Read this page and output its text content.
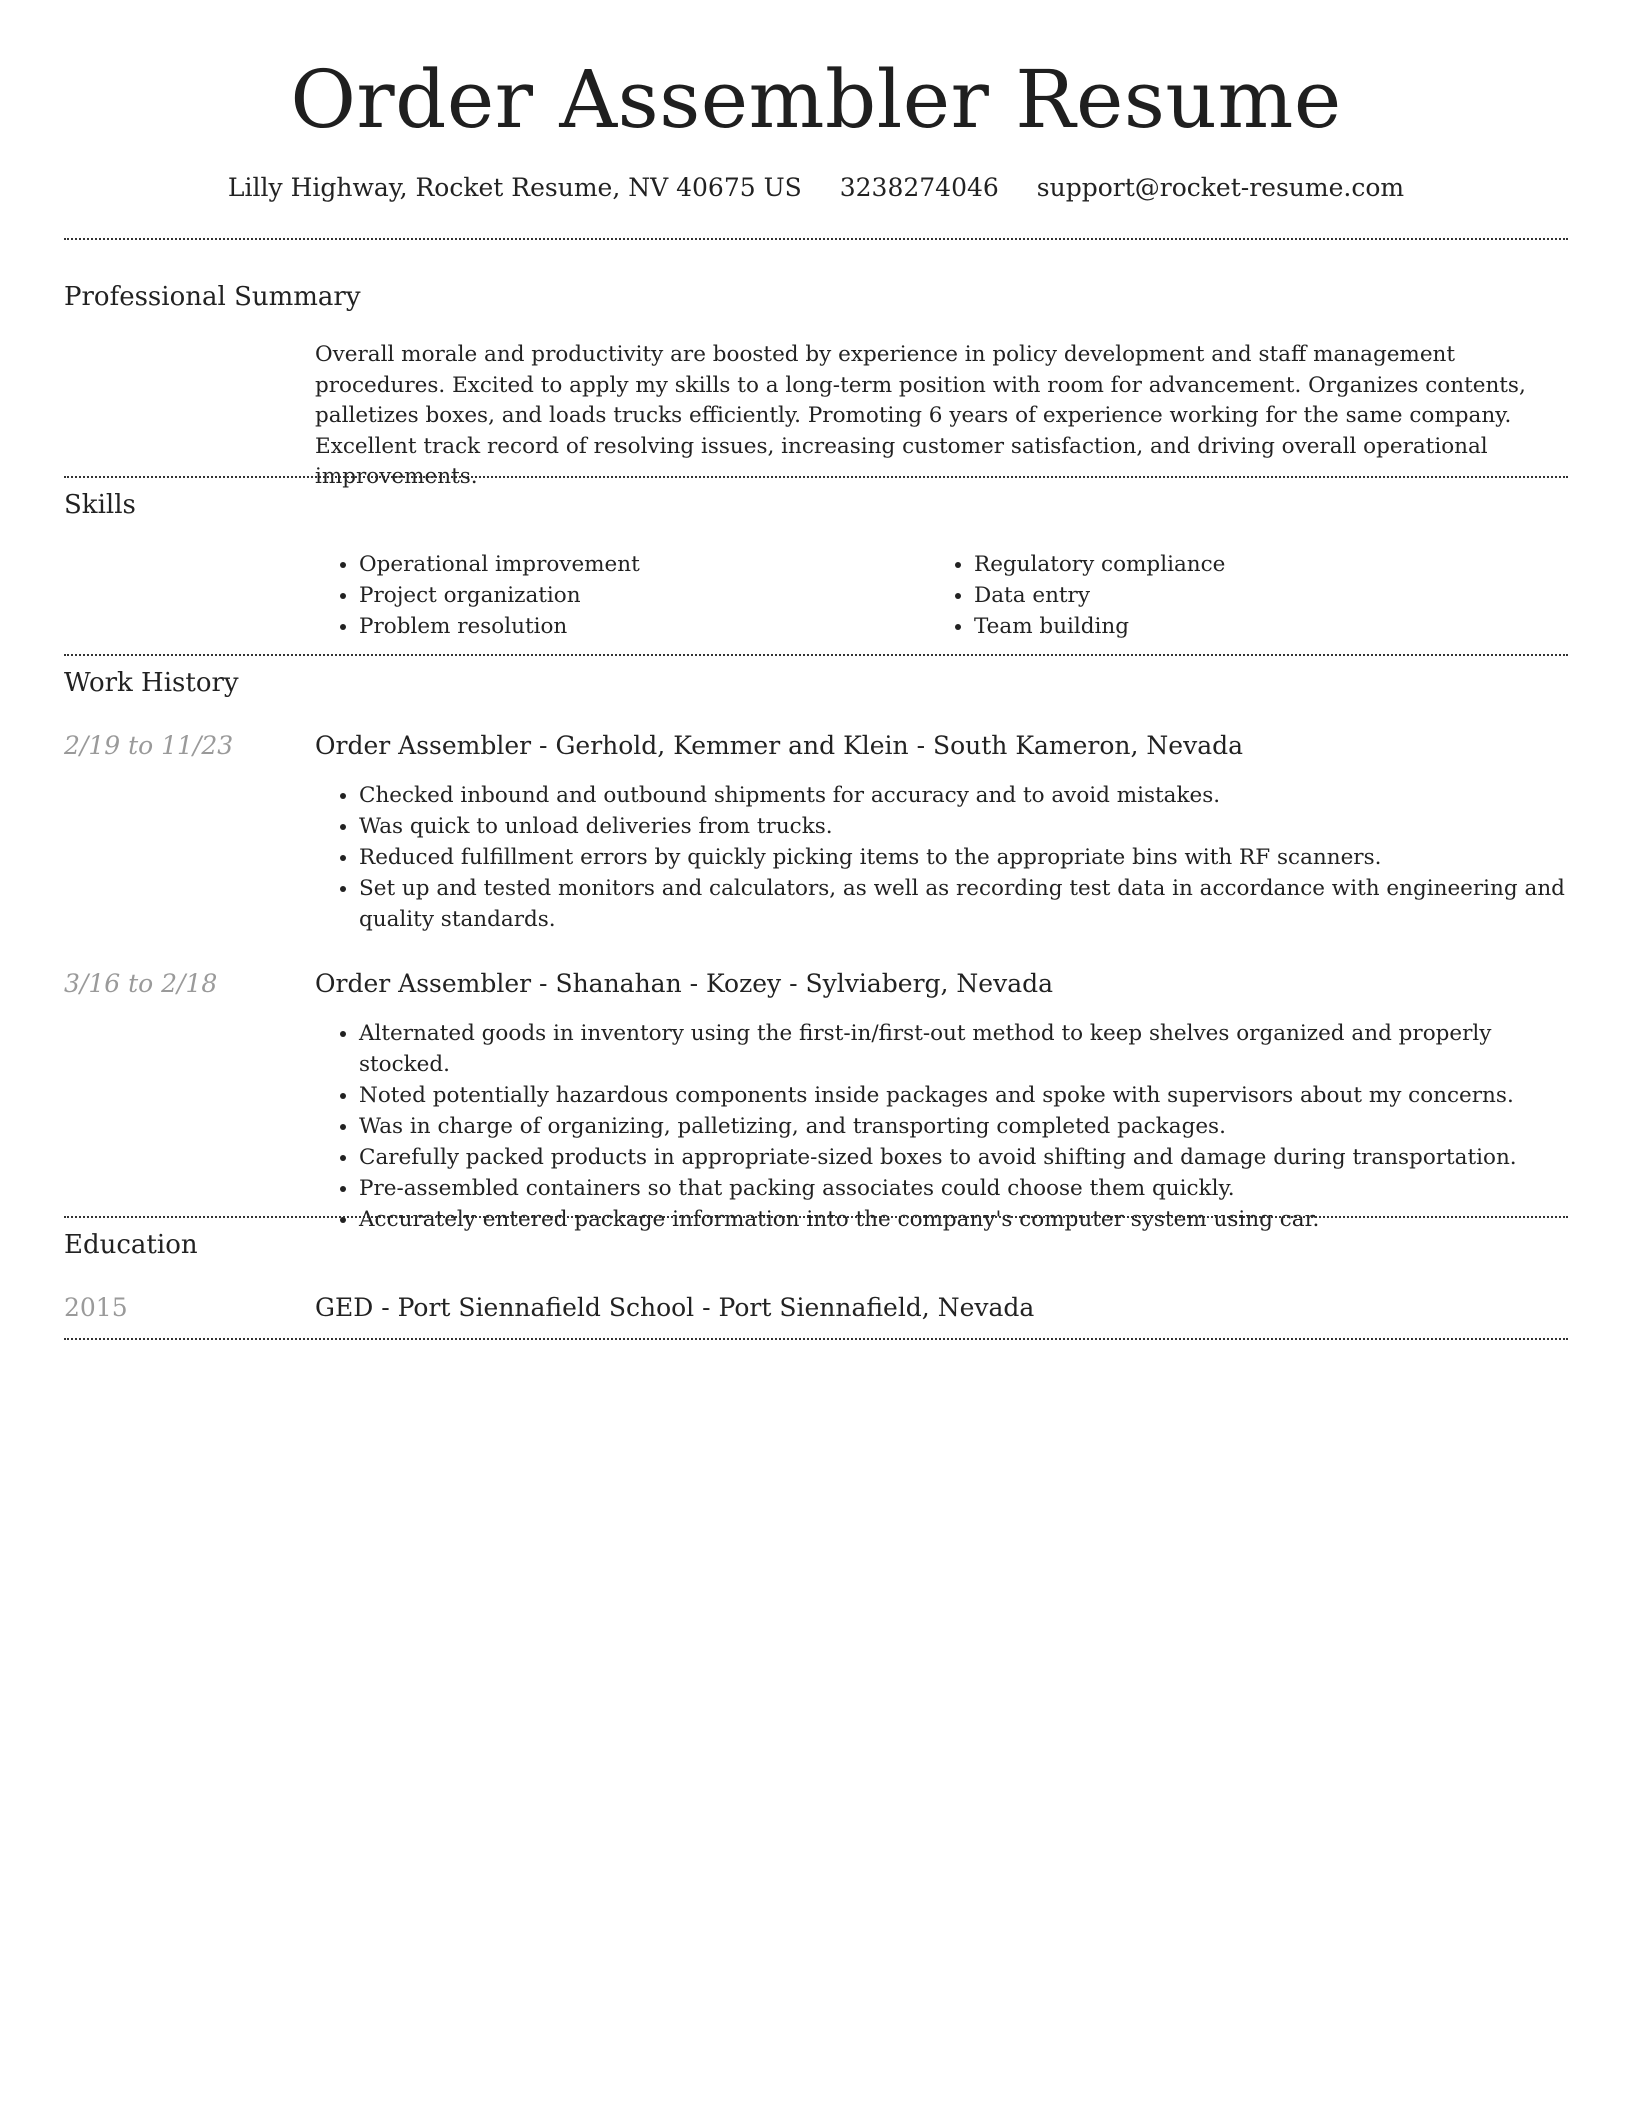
Order Assembler Resume
Lilly Highway, Rocket Resume, NV 40675 US 3238274046 support@rocket-resume.com
Professional Summary

Overall morale and productivity are boosted by experience in policy development and staff management procedures. Excited to apply my skills to a long-term position with room for advancement. Organizes contents, palletizes boxes, and loads trucks efficiently. Promoting 6 years of experience working for the same company. Excellent track record of resolving issues, increasing customer satisfaction, and driving overall operational improvements.

Skills
• Operational improvement
• Project organization
• Problem resolution
• Regulatory compliance
• Data entry
• Team building
Work History
2/19 to 11/23	Order Assembler - Gerhold, Kemmer and Klein - South Kameron, Nevada
• Checked inbound and outbound shipments for accuracy and to avoid mistakes.
• Was quick to unload deliveries from trucks.
• Reduced fulfillment errors by quickly picking items to the appropriate bins with RF scanners.
• Set up and tested monitors and calculators, as well as recording test data in accordance with engineering and quality standards.
3/16 to 2/18	Order Assembler - Shanahan - Kozey - Sylviaberg, Nevada
• Alternated goods in inventory using the first-in/first-out method to keep shelves organized and properly stocked.
• Noted potentially hazardous components inside packages and spoke with supervisors about my concerns.
• Was in charge of organizing, palletizing, and transporting completed packages.
• Carefully packed products in appropriate-sized boxes to avoid shifting and damage during transportation.
• Pre-assembled containers so that packing associates could choose them quickly.
• Accurately entered package information into the company's computer system using car.
Education
2015	GED - Port Siennafield School - Port Siennafield, Nevada
